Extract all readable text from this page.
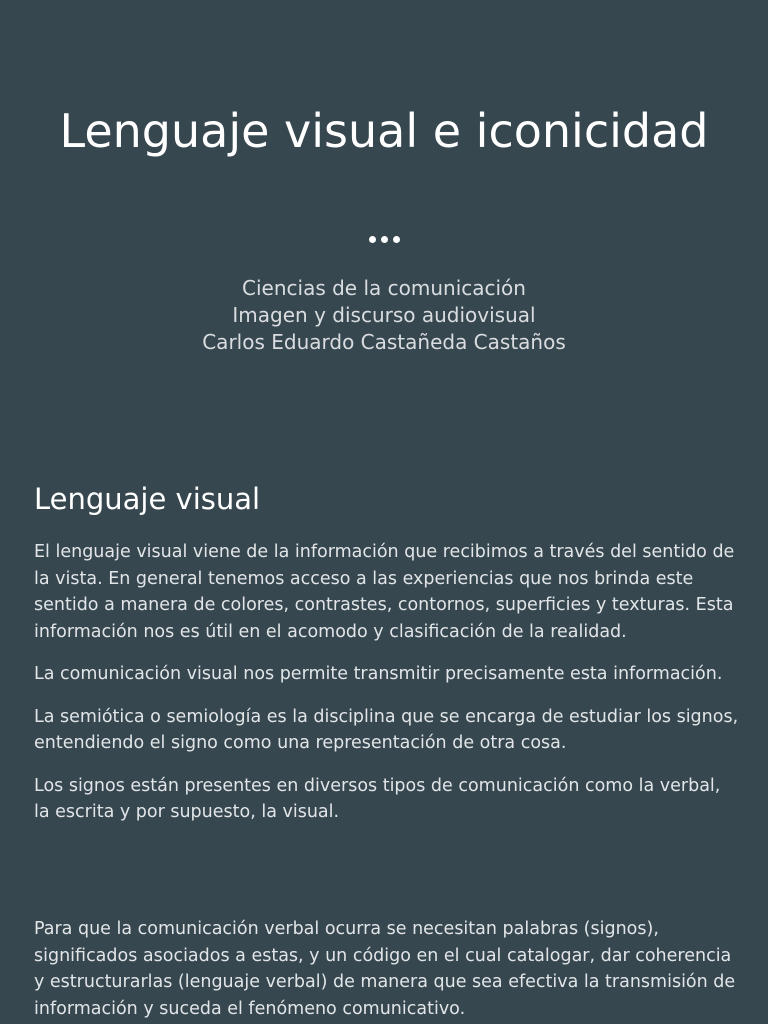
Lenguaje visual e iconicidad
Ciencias de la comunicación
Imagen y discurso audiovisual
Carlos Eduardo Castañeda Castaños
Lenguaje visual

El lenguaje visual viene de la información que recibimos a través del sentido de la vista. En general tenemos acceso a las experiencias que nos brinda este sentido a manera de colores, contrastes, contornos, superficies y texturas. Esta información nos es útil en el acomodo y clasificación de la realidad.

La comunicación visual nos permite transmitir precisamente esta información.

La semiótica o semiología es la disciplina que se encarga de estudiar los signos, entendiendo el signo como una representación de otra cosa.

Los signos están presentes en diversos tipos de comunicación como la verbal, la escrita y por supuesto, la visual.

Para que la comunicación verbal ocurra se necesitan palabras (signos), significados asociados a estas, y un código en el cual catalogar, dar coherencia y estructurarlas (lenguaje verbal) de manera que sea efectiva la transmisión de información y suceda el fenómeno comunicativo.
